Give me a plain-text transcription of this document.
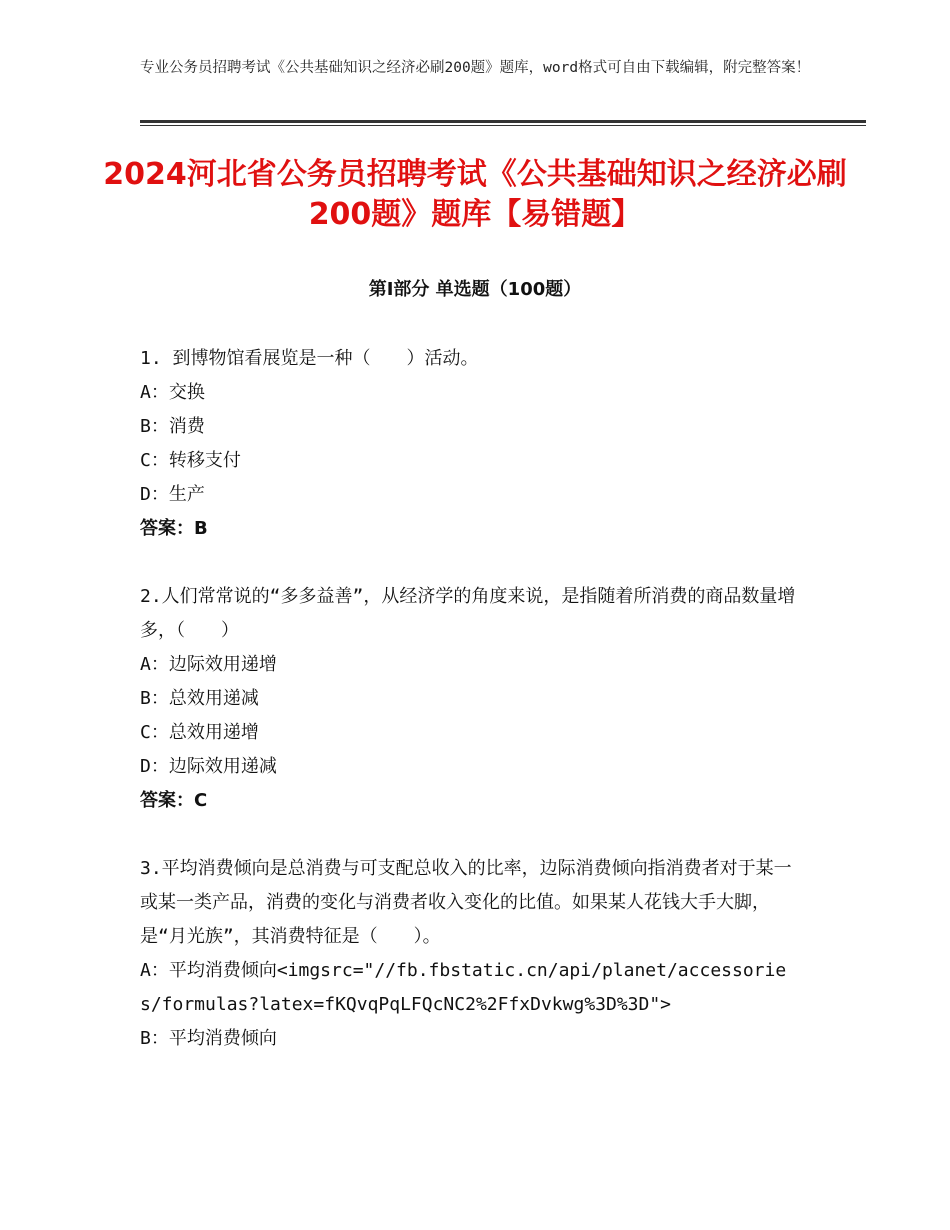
专业公务员招聘考试《公共基础知识之经济必刷200题》题库，word格式可自由下载编辑，附完整答案！
2024河北省公务员招聘考试《公共基础知识之经济必刷200题》题库【易错题】
第Ⅰ部分 单选题（100题）

1. 到博物馆看展览是一种（　　）活动。

A：交换

B：消费

C：转移支付

D：生产

答案：B

2.人们常常说的“多多益善”，从经济学的角度来说，是指随着所消费的商品数量增多，（　　）

A：边际效用递增

B：总效用递减

C：总效用递增

D：边际效用递减

答案：C

3.平均消费倾向是总消费与可支配总收入的比率，边际消费倾向指消费者对于某一或某一类产品，消费的变化与消费者收入变化的比值。如果某人花钱大手大脚，是“月光族”，其消费特征是（　　）。

A：平均消费倾向<imgsrc="//fb.fbstatic.cn/api/planet/accessories/formulas?latex=fKQvqPqLFQcNC2%2FfxDvkwg%3D%3D">

B：平均消费倾向
